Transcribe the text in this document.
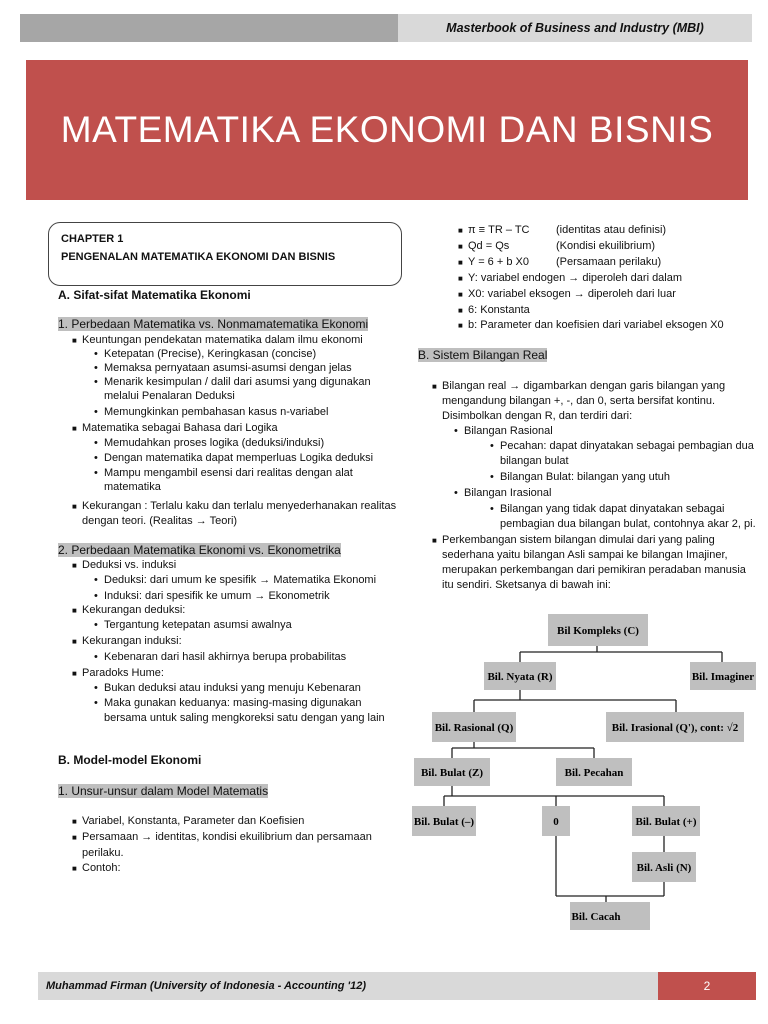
Masterbook of Business and Industry (MBI)
MATEMATIKA EKONOMI DAN BISNIS
CHAPTER 1
PENGENALAN MATEMATIKA EKONOMI DAN BISNIS
A. Sifat-sifat Matematika Ekonomi
1. Perbedaan Matematika vs. Nonmamatematika Ekonomi
■ Keuntungan pendekatan matematika dalam ilmu ekonomi
• Ketepatan (Precise), Keringkasan (concise)
• Memaksa pernyataan asumsi-asumsi dengan jelas
• Menarik kesimpulan / dalil dari asumsi yang digunakan
melalui Penalaran Deduksi
• Memungkinkan pembahasan kasus n-variabel
■ Matematika sebagai Bahasa dari Logika
• Memudahkan proses logika (deduksi/induksi)
• Dengan matematika dapat memperluas Logika deduksi
• Mampu mengambil esensi dari realitas dengan alat
matematika
■ Kekurangan : Terlalu kaku dan terlalu menyederhanakan realitas
dengan teori. (Realitas → Teori)
2. Perbedaan Matematika Ekonomi vs. Ekonometrika
■ Deduksi vs. induksi
• Deduksi: dari umum ke spesifik → Matematika Ekonomi
• Induksi: dari spesifik ke umum → Ekonometrik
■ Kekurangan deduksi:
• Tergantung ketepatan asumsi awalnya
■ Kekurangan induksi:
• Kebenaran dari hasil akhirnya berupa probabilitas
■ Paradoks Hume:
• Bukan deduksi atau induksi yang menuju Kebenaran
• Maka gunakan keduanya: masing-masing digunakan
bersama untuk saling mengkoreksi satu dengan yang lain
B. Model-model Ekonomi
1. Unsur-unsur dalam Model Matematis
■ Variabel, Konstanta, Parameter dan Koefisien
■ Persamaan → identitas, kondisi ekuilibrium dan persamaan
perilaku.
■ Contoh:
■ π ≡ TR – TC (identitas atau definisi)
■ Qd = Qs	(Kondisi ekuilibrium)
■ Y = 6 + b X0 (Persamaan perilaku)
■ Y: variabel endogen → diperoleh dari dalam
■ X0: variabel eksogen → diperoleh dari luar
■ 6: Konstanta
■ b: Parameter dan koefisien dari variabel eksogen X0
B. Sistem Bilangan Real
■ Bilangan real → digambarkan dengan garis bilangan yang
mengandung bilangan +, -, dan 0, serta bersifat kontinu.
Disimbolkan dengan R, dan terdiri dari:
• Bilangan Rasional
• Pecahan: dapat dinyatakan sebagai pembagian dua
bilangan bulat
• Bilangan Bulat: bilangan yang utuh
• Bilangan Irasional
• Bilangan yang tidak dapat dinyatakan sebagai
pembagian dua bilangan bulat, contohnya akar 2, pi.
■ Perkembangan sistem bilangan dimulai dari yang paling
sederhana yaitu bilangan Asli sampai ke bilangan Imajiner,
merupakan perkembangan dari pemikiran peradaban manusia
itu sendiri. Sketsanya di bawah ini:
Bil Kompleks (C)
Bil. Nyata (R)	Bil. Imaginer
Bil. Rasional (Q)	Bil. Irasional (Q'), cont: √2
Bil. Bulat (Z)	Bil. Pecahan
Bil. Bulat (–)	0	Bil. Bulat (+)
Bil. Asli (N)
Bil. Cacah
Muhammad Firman (University of Indonesia - Accounting '12)	2
